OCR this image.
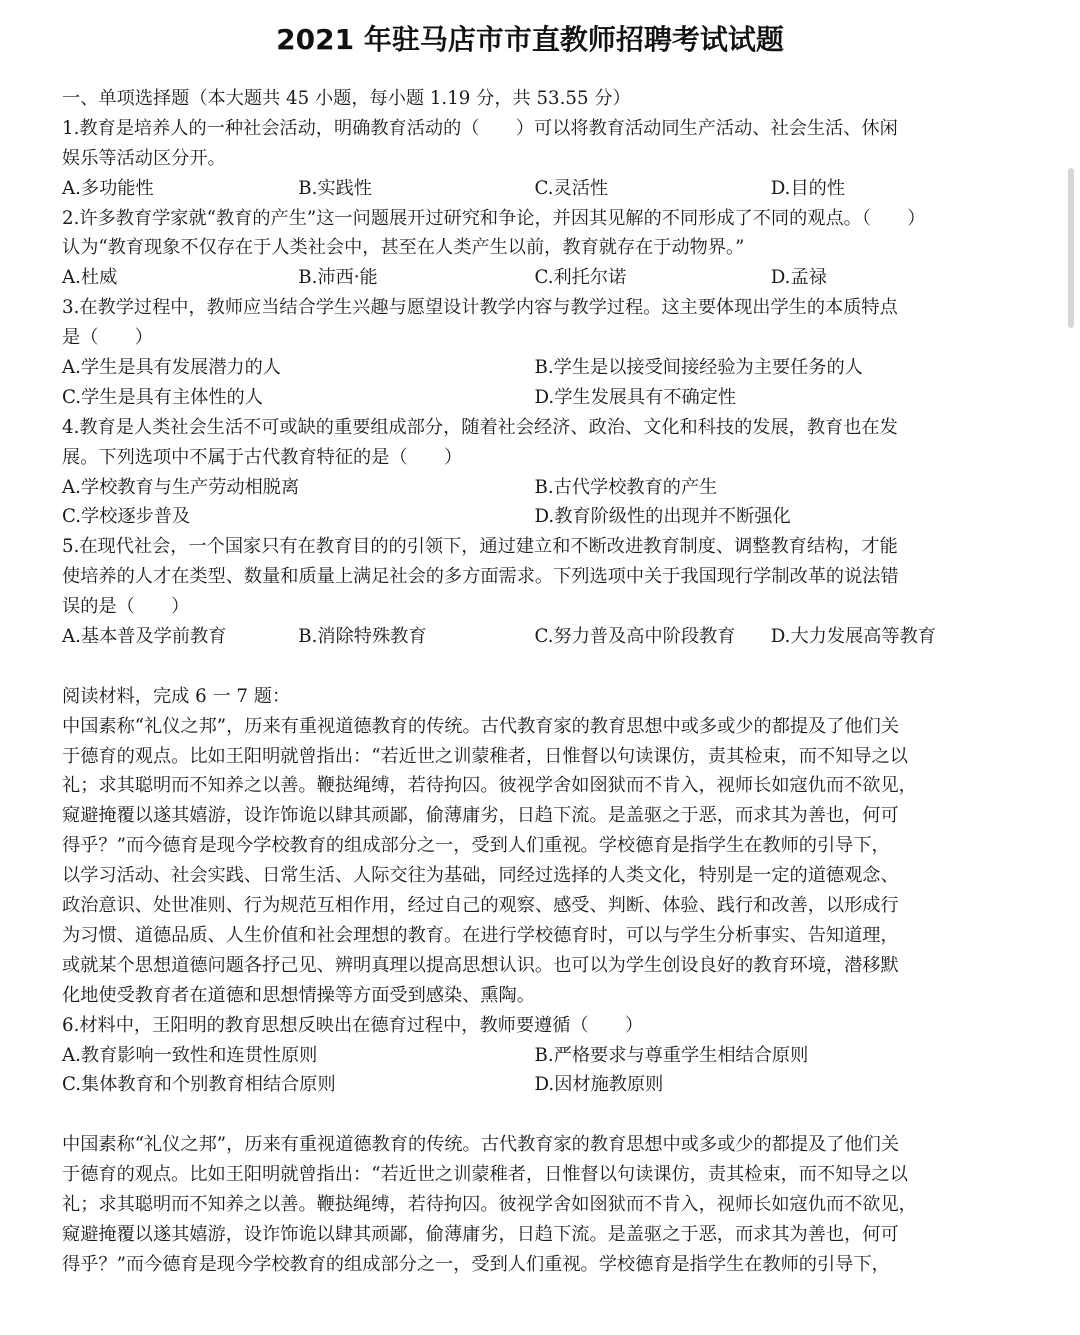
2021 年驻马店市市直教师招聘考试试题
一、单项选择题（本大题共 45 小题，每小题 1.19 分，共 53.55 分）
1.教育是培养人的一种社会活动，明确教育活动的（　　）可以将教育活动同生产活动、社会生活、休闲
娱乐等活动区分开。
A.多功能性	B.实践性	C.灵活性	D.目的性
2.许多教育学家就“教育的产生”这一问题展开过研究和争论，并因其见解的不同形成了不同的观点。（　　）
认为“教育现象不仅存在于人类社会中，甚至在人类产生以前，教育就存在于动物界。”
A.杜威	B.沛西·能	C.利托尔诺	D.孟禄
3.在教学过程中，教师应当结合学生兴趣与愿望设计教学内容与教学过程。这主要体现出学生的本质特点
是（　　）
A.学生是具有发展潜力的人	B.学生是以接受间接经验为主要任务的人
C.学生是具有主体性的人	D.学生发展具有不确定性
4.教育是人类社会生活不可或缺的重要组成部分，随着社会经济、政治、文化和科技的发展，教育也在发
展。下列选项中不属于古代教育特征的是（　　）
A.学校教育与生产劳动相脱离	B.古代学校教育的产生
C.学校逐步普及	D.教育阶级性的出现并不断强化
5.在现代社会，一个国家只有在教育目的的引领下，通过建立和不断改进教育制度、调整教育结构，才能
使培养的人才在类型、数量和质量上满足社会的多方面需求。下列选项中关于我国现行学制改革的说法错
误的是（　　）
A.基本普及学前教育	B.消除特殊教育	C.努力普及高中阶段教育	D.大力发展高等教育
阅读材料，完成 6 一 7 题：
中国素称“礼仪之邦”，历来有重视道德教育的传统。古代教育家的教育思想中或多或少的都提及了他们关
于德育的观点。比如王阳明就曾指出：“若近世之训蒙稚者，日惟督以句读课仿，责其检束，而不知导之以
礼；求其聪明而不知养之以善。鞭挞绳缚，若待拘囚。彼视学舍如囹狱而不肯入，视师长如寇仇而不欲见，
窥避掩覆以遂其嬉游，设诈饰诡以肆其顽鄙，偷薄庸劣，日趋下流。是盖驱之于恶，而求其为善也，何可
得乎？”而今德育是现今学校教育的组成部分之一，受到人们重视。学校德育是指学生在教师的引导下，
以学习活动、社会实践、日常生活、人际交往为基础，同经过选择的人类文化，特别是一定的道德观念、
政治意识、处世准则、行为规范互相作用，经过自己的观察、感受、判断、体验、践行和改善，以形成行
为习惯、道德品质、人生价值和社会理想的教育。在进行学校德育时，可以与学生分析事实、告知道理，
或就某个思想道德问题各抒己见、辨明真理以提高思想认识。也可以为学生创设良好的教育环境，潜移默
化地使受教育者在道德和思想情操等方面受到感染、熏陶。
6.材料中，王阳明的教育思想反映出在德育过程中，教师要遵循（　　）
A.教育影响一致性和连贯性原则	B.严格要求与尊重学生相结合原则
C.集体教育和个别教育相结合原则	D.因材施教原则
中国素称“礼仪之邦”，历来有重视道德教育的传统。古代教育家的教育思想中或多或少的都提及了他们关
于德育的观点。比如王阳明就曾指出：“若近世之训蒙稚者，日惟督以句读课仿，责其检束，而不知导之以
礼；求其聪明而不知养之以善。鞭挞绳缚，若待拘囚。彼视学舍如囹狱而不肯入，视师长如寇仇而不欲见，
窥避掩覆以遂其嬉游，设诈饰诡以肆其顽鄙，偷薄庸劣，日趋下流。是盖驱之于恶，而求其为善也，何可
得乎？”而今德育是现今学校教育的组成部分之一，受到人们重视。学校德育是指学生在教师的引导下，
